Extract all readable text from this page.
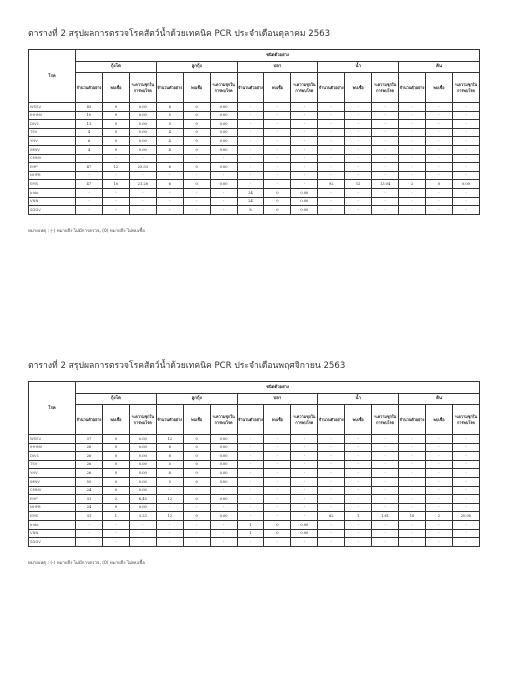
ตารางที่ 2 สรุปผลการตรวจโรคสัตว์น้ำด้วยเทคนิค PCR ประจำเดือนตุลาคม 2563
โรค	ชนิดตัวอย่าง														
	กุ้งโต			ลูกกุ้ง			ปลา			น้ำ			ดิน		
	จำนวนตัวอย่าง	พบเชื้อ	%ความชุกในการพบโรค	จำนวนตัวอย่าง	พบเชื้อ	%ความชุกในการพบโรค	จำนวนตัวอย่าง	พบเชื้อ	%ความชุกในการพบโรค	จำนวนตัวอย่าง	พบเชื้อ	%ความชุกในการพบโรค	จำนวนตัวอย่าง	พบเชื้อ	%ความชุกในการพบโรค
WSSV	45	0	0.00	8	0	0.00	-	-	-	-	-	-	-	-	-
IHHNV	10	0	0.00	5	0	0.00	-	-	-	-	-	-	-	-	-
DIV1	11	0	0.00	5	0	0.00	-	-	-	-	-	-	-	-	-
TSV	4	0	0.00	4	0	0.00	-	-	-	-	-	-	-	-	-
YHV	6	0	0.00	4	0	0.00	-	-	-	-	-	-	-	-	-
IMNV	4	0	0.00	4	0	0.00	-	-	-	-	-	-	-	-	-
CMNV	-	-	-	-	-	-	-	-	-	-	-	-	-	-	-
EHP	47	12	25.53	6	0	0.00	-	-	-	-	-	-	-	-	-
NHPB	-	-	-	-	-	-	-	-	-	-	-	-	-	-	-
EMS	47	10	21.28	6	0	0.00	-	-	-	92	12	13.04	2	0	0.00
Irido	-	-	-	-	-	-	24	0	0.00	-	-	-	-	-	-
VNN	-	-	-	-	-	-	24	0	0.00	-	-	-	-	-	-
SDDV	-	-	-	-	-	-	8	0	0.00	-	-	-	-	-	-
หมายเหตุ : (-) หมายถึง ไม่มีการตรวจ, (0) หมายถึง ไม่พบเชื้อ
ตารางที่ 2 สรุปผลการตรวจโรคสัตว์น้ำด้วยเทคนิค PCR ประจำเดือนพฤศจิกายน 2563
โรค	ชนิดตัวอย่าง														
	กุ้งโต			ลูกกุ้ง			ปลา			น้ำ			ดิน		
	จำนวนตัวอย่าง	พบเชื้อ	%ความชุกในการพบโรค	จำนวนตัวอย่าง	พบเชื้อ	%ความชุกในการพบโรค	จำนวนตัวอย่าง	พบเชื้อ	%ความชุกในการพบโรค	จำนวนตัวอย่าง	พบเชื้อ	%ความชุกในการพบโรค	จำนวนตัวอย่าง	พบเชื้อ	%ความชุกในการพบโรค
WSSV	37	0	0.00	12	0	0.00	-	-	-	-	-	-	-	-	-
IHHNV	26	0	0.00	8	0	0.00	-	-	-	-	-	-	-	-	-
DIV1	26	0	0.00	8	0	0.00	-	-	-	-	-	-	-	-	-
TSV	26	0	0.00	5	0	0.00	-	-	-	-	-	-	-	-	-
YHV	26	0	0.00	8	0	0.00	-	-	-	-	-	-	-	-	-
IMNV	50	0	0.00	5	0	0.00	-	-	-	-	-	-	-	-	-
CMNV	24	0	0.00	-	-	-	-	-	-	-	-	-	-	-	-
EHP	31	2	6.45	12	0	0.00	-	-	-	-	-	-	-	-	-
NHPB	24	0	0.00	-	-	-	-	-	-	-	-	-	-	-	-
EMS	31	1	3.23	12	0	0.00	-	-	-	62	1	1.61	10	2	20.00
Irido	-	-	-	-	-	-	1	0	0.00	-	-	-	-	-	-
VNN	-	-	-	-	-	-	1	0	0.00	-	-	-	-	-	-
SDDV	-	-	-	-	-	-	-	-	-	-	-	-	-	-	-
หมายเหตุ : (-) หมายถึง ไม่มีการตรวจ, (0) หมายถึง ไม่พบเชื้อ
